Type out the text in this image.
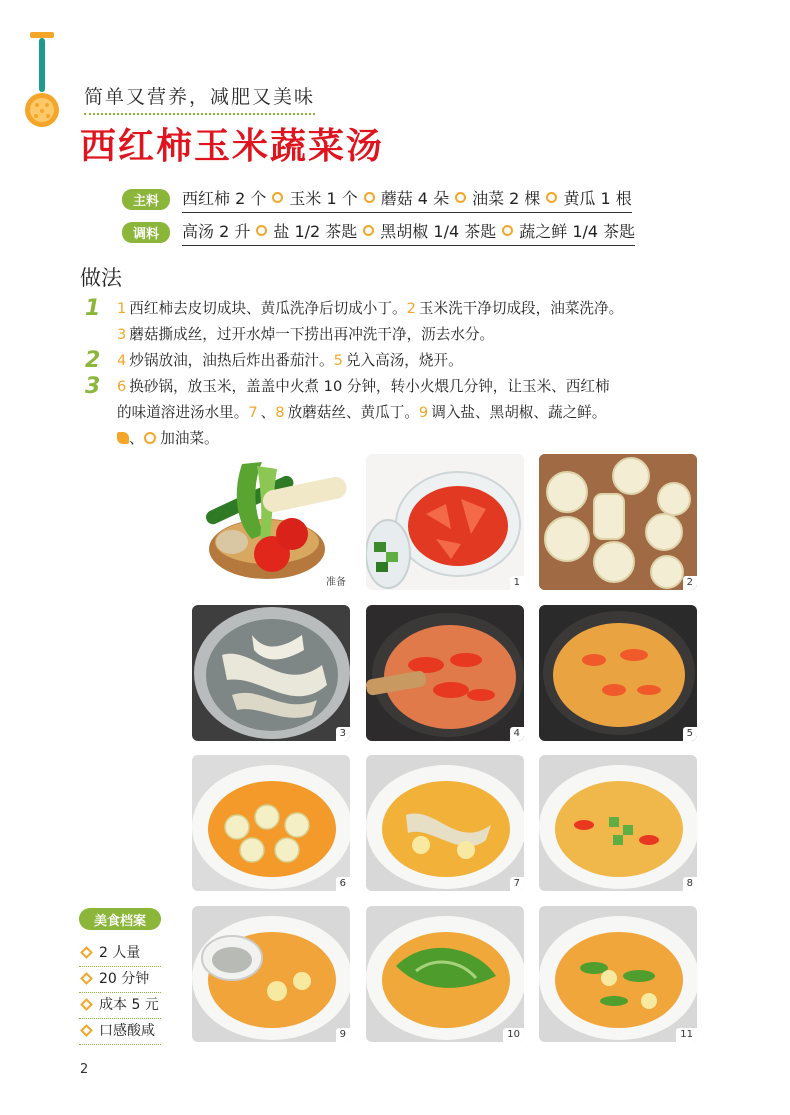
简单又营养，减肥又美味
西红柿玉米蔬菜汤
主料	西红柿 2 个 玉米 1 个 蘑菇 4 朵 油菜 2 棵 黄瓜 1 根
调料	高汤 2 升 盐 1/2 茶匙 黑胡椒 1/4 茶匙 蔬之鲜 1/4 茶匙
做法
1
2
3
1 西红柿去皮切成块、黄瓜洗净后切成小丁。2 玉米洗干净切成段，油菜洗净。
3 蘑菇撕成丝，过开水焯一下捞出再冲洗干净，沥去水分。
4 炒锅放油，油热后炸出番茄汁。5 兑入高汤，烧开。
6 换砂锅，放玉米，盖盖中火煮 10 分钟，转小火煨几分钟，让玉米、西红柿
的味道溶进汤水里。7 、8 放蘑菇丝、黄瓜丁。9 调入盐、黑胡椒、蔬之鲜。
、 加油菜。
准备	1	2
3	4	5
6	7	8
9	10	11
美食档案
2 人量
20 分钟
成本 5 元
口感酸咸
2
